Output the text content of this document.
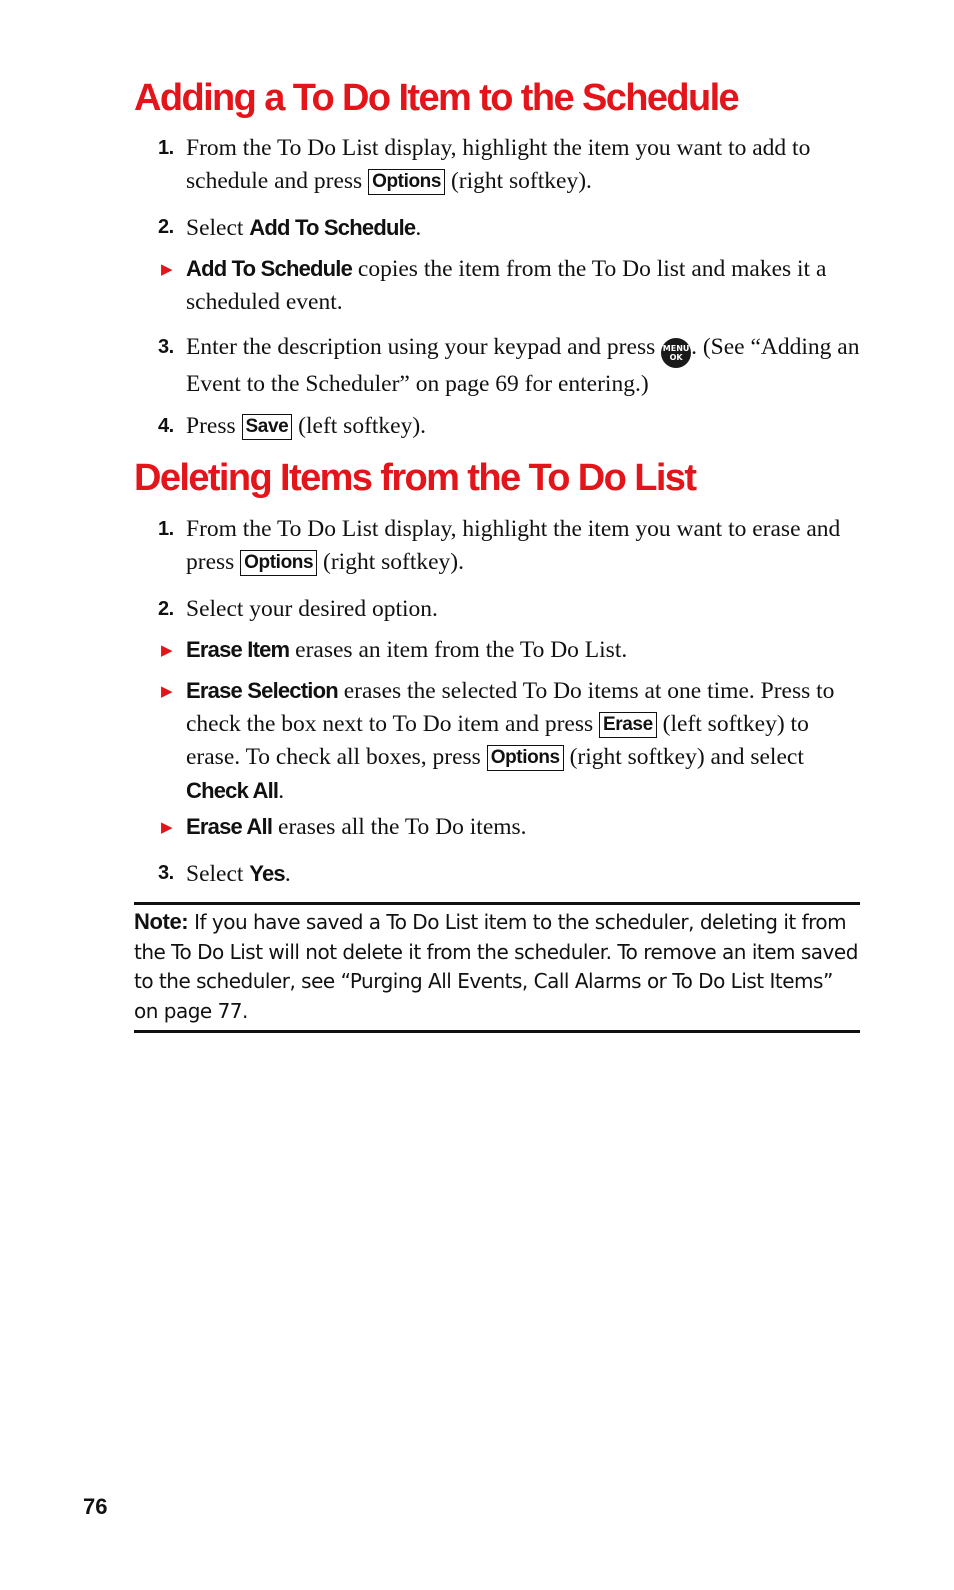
Adding a To Do Item to the Schedule

1. From the To Do List display, highlight the item you want to add to schedule and press Options (right softkey).

2. Select Add To Schedule.

▶ Add To Schedule copies the item from the To Do list and makes it a scheduled event.

3. Enter the description using your keypad and press MENU
OK . (See “Adding an Event to the Scheduler” on page 69 for entering.)

4. Press Save (left softkey).

Deleting Items from the To Do List

1. From the To Do List display, highlight the item you want to erase and press Options (right softkey).

2. Select your desired option.

▶ Erase Item erases an item from the To Do List.

▶ Erase Selection erases the selected To Do items at one time. Press to check the box next to To Do item and press Erase (left softkey) to erase. To check all boxes, press Options (right softkey) and select Check All.

▶ Erase All erases all the To Do items.

3. Select Yes.

Note: If you have saved a To Do List item to the scheduler, deleting it from the To Do List will not delete it from the scheduler. To remove an item saved to the scheduler, see “Purging All Events, Call Alarms or To Do List Items” on page 77.

76
